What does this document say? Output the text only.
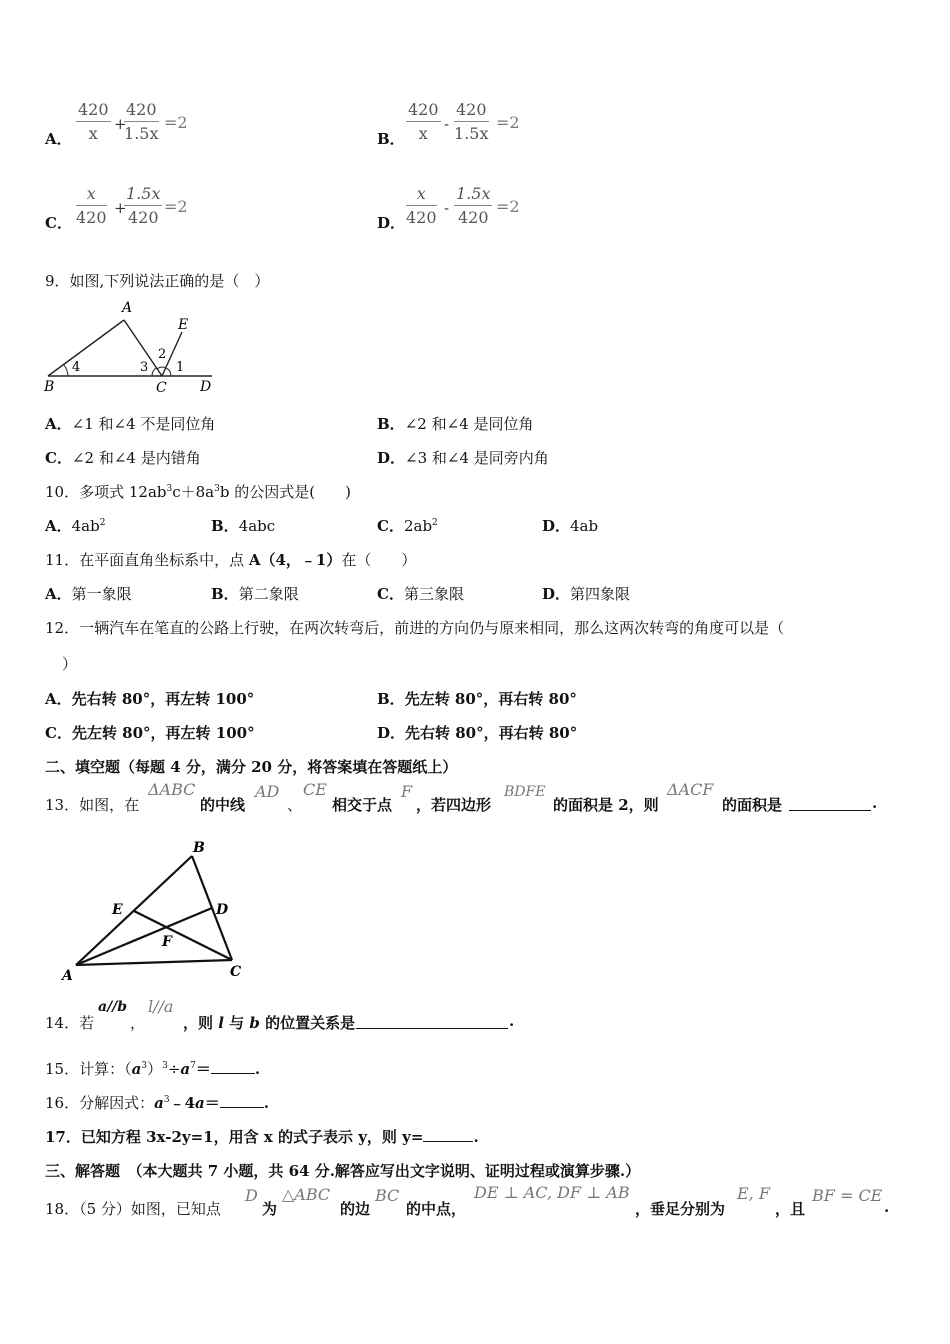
A． $\frac{420}{x}$ +
$\frac{420}{1.5x} =2$
B． $\frac{420}{x} - \frac{420}{1.5x} =2$
C． $\frac{x}{420}$ +
$\frac{1.5x}{420} =2$
D． $\frac{x}{420} - \frac{1.5x}{420} =2$
9．如图,下列说法正确的是（　）
A
E
B	C D
1
2
3
4
A．∠1 和∠4 不是同位角	B．∠2 和∠4 是同位角
C．∠2 和∠4 是内错角	D．∠3 和∠4 是同旁内角
10．多项式 $12ab^3c+8a^3b$ 的公因式是(　　)
A．$4ab^2$	B．4abc	C．$2ab^2$	D．4ab
11．在平面直角坐标系中，点 A（4，﹣1）在（　　）
A．第一象限	B．第二象限	C．第三象限	D．第四象限
12．一辆汽车在笔直的公路上行驶，在两次转弯后，前进的方向仍与原来相同，那么这两次转弯的角度可以是（
）
A．先右转 80°，再左转 100°	B．先左转 80°，再右转 80°
C．先左转 80°，再左转 100°	D．先右转 80°，再右转 80°
二、填空题（每题 4 分，满分 20 分，将答案填在答题纸上）
13．如图，在
ΔABC
的中线
AD
、
CE
相交于点
F
，若四边形
BDFE
的面积是 2，则
ΔACF
的面积是	.
B
E	D
F
A	C
14．若
a//b
，
l//a
，则 l 与 b 的位置关系是	.
15．计算：$(a^3)^3\div a^7=$	.
16．分解因式：$a^3﹣4a=$	.
17．已知方程 3x-2y=1，用含 x 的式子表示 y，则 y=	.
三、解答题　（本大题共 7 小题，共 64 分.解答应写出文字说明、证明过程或演算步骤.）
18．（5 分）如图，已知点
D
为
△ABC
的边
BC
的中点，
DE ⊥ AC, DF ⊥ AB
，垂足分别为
E, F
，且
BF = CE
.
